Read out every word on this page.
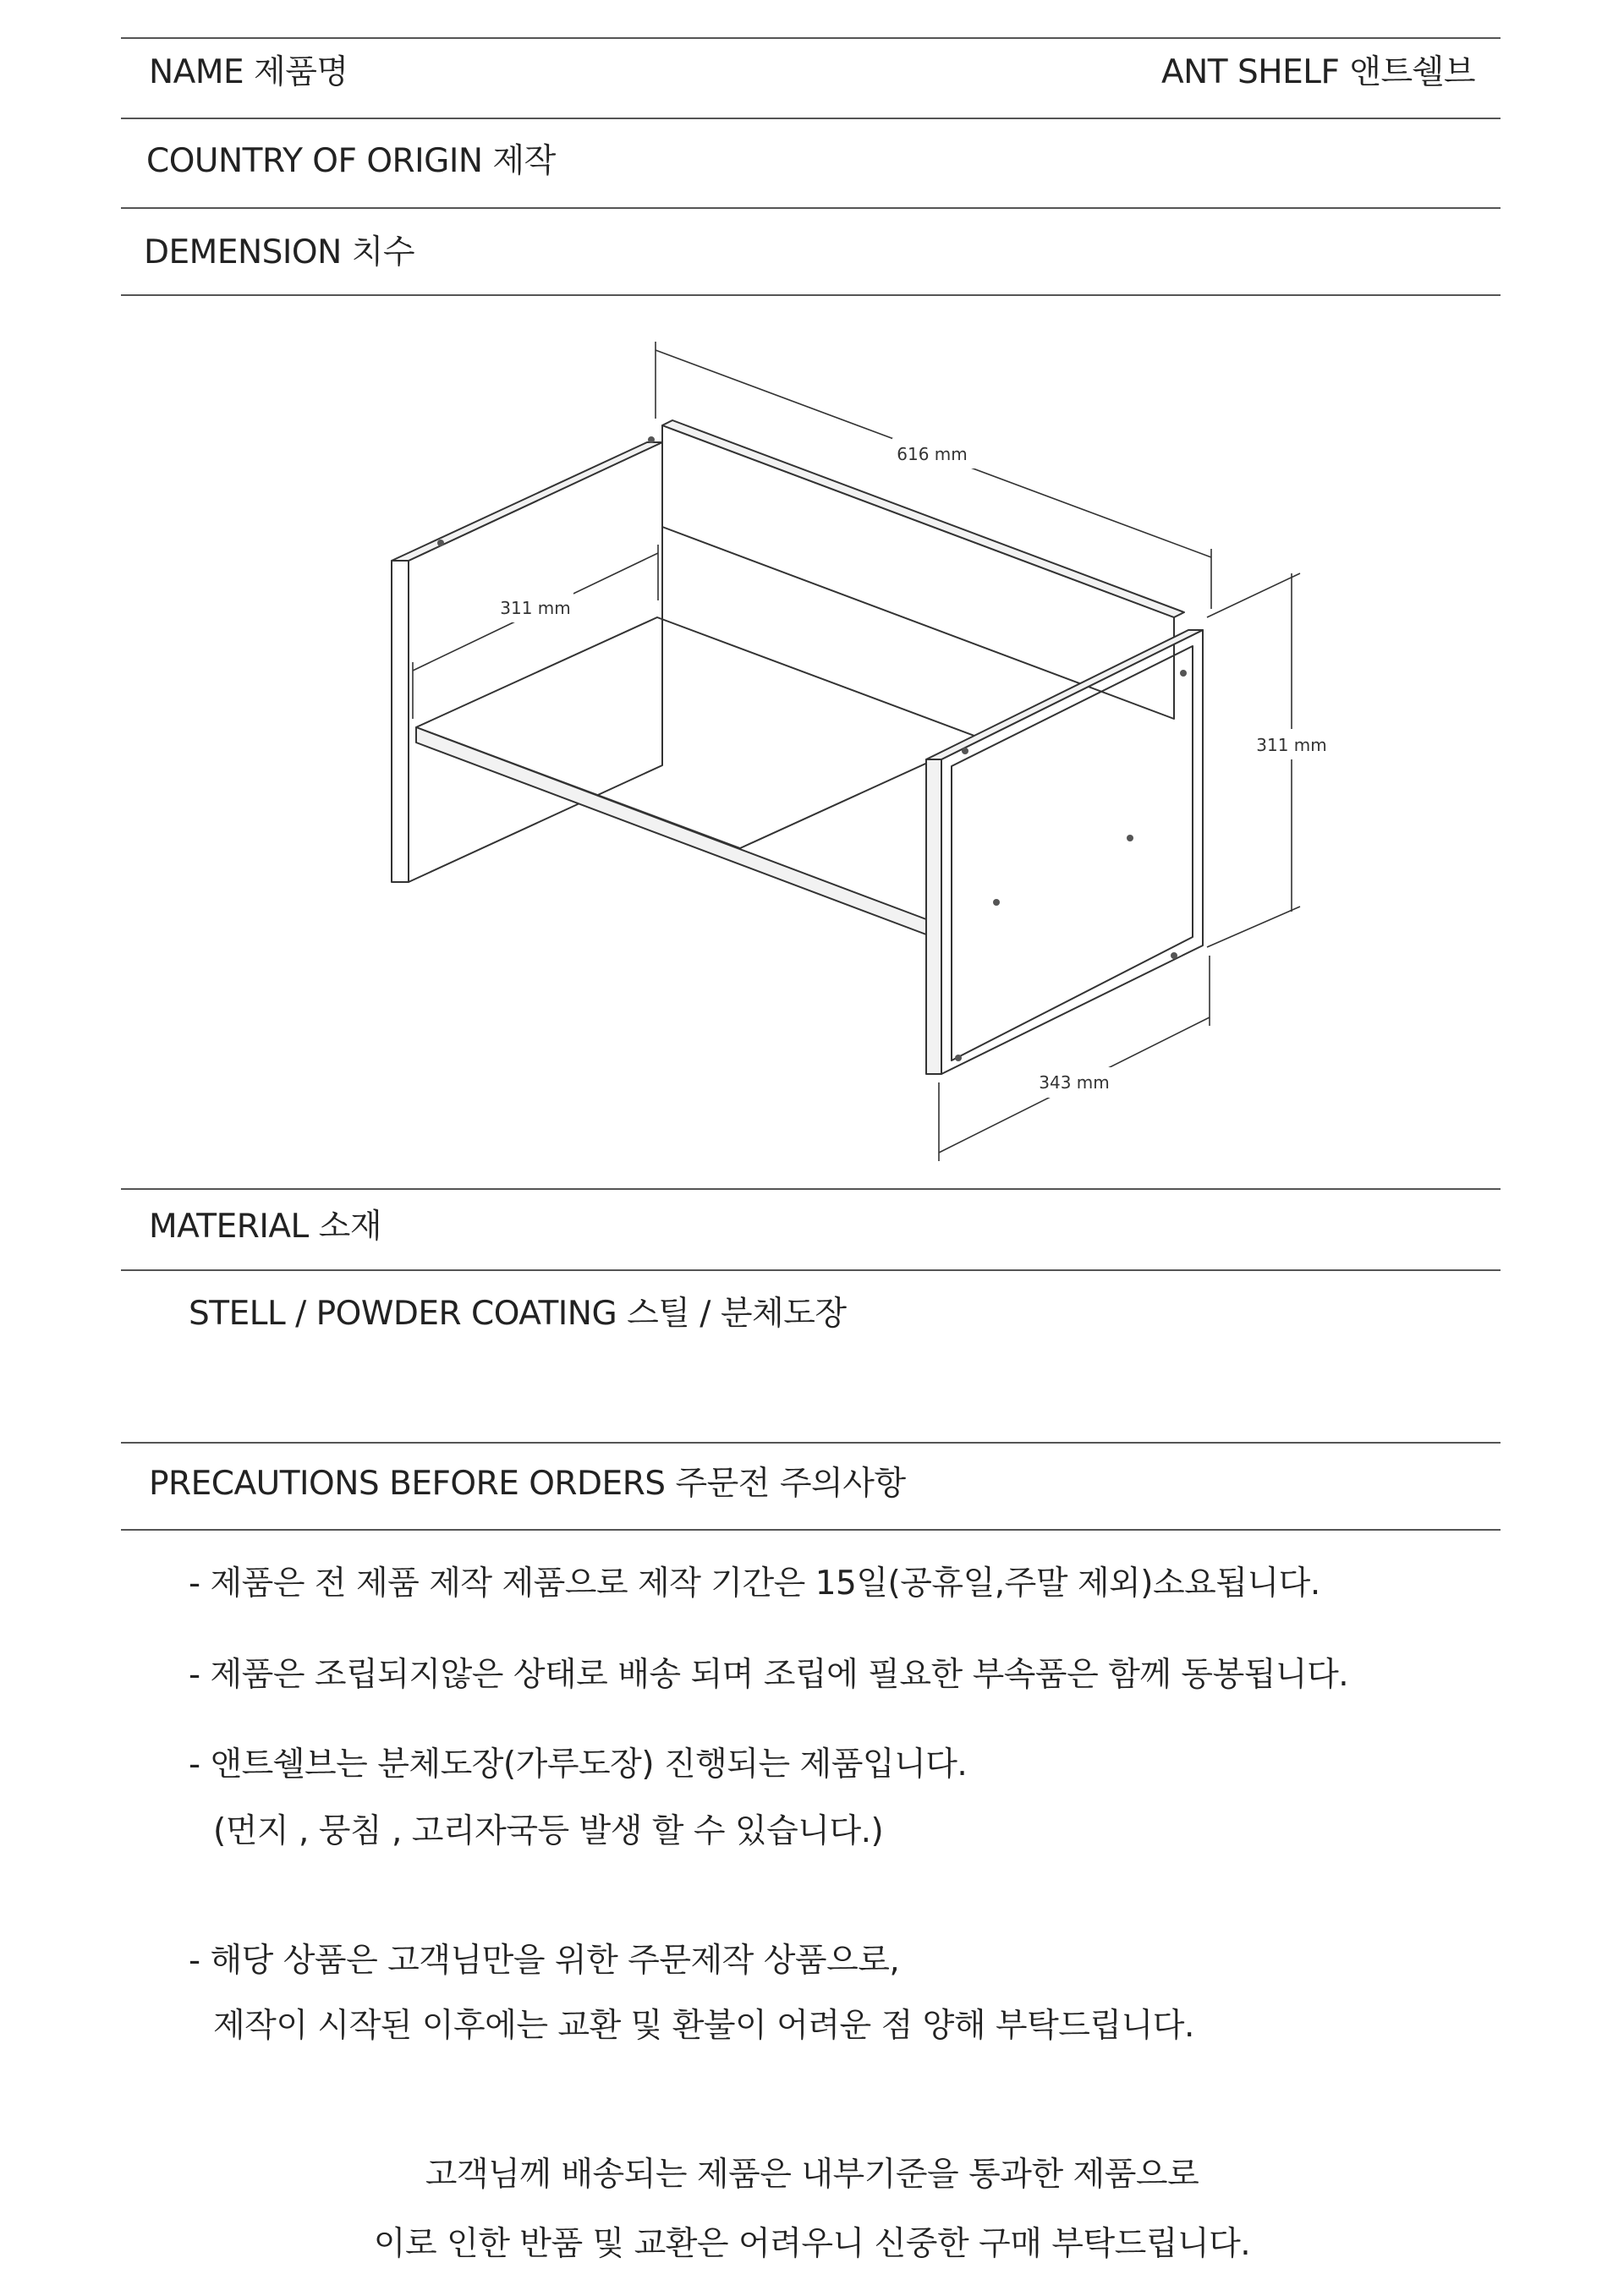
NAME 제품명	ANT SHELF 앤트쉘브
COUNTRY OF ORIGIN 제작
DEMENSION 치수
616 mm
311 mm
311 mm
343 mm
MATERIAL 소재
STELL / POWDER COATING 스틸 / 분체도장
PRECAUTIONS BEFORE ORDERS 주문전 주의사항
- 제품은 전 제품 제작 제품으로 제작 기간은 15일(공휴일,주말 제외)소요됩니다.
- 제품은 조립되지않은 상태로 배송 되며 조립에 필요한 부속품은 함께 동봉됩니다.
- 앤트쉘브는 분체도장(가루도장) 진행되는 제품입니다.
(먼지 , 뭉침 , 고리자국등 발생 할 수 있습니다.)
- 해당 상품은 고객님만을 위한 주문제작 상품으로,
제작이 시작된 이후에는 교환 및 환불이 어려운 점 양해 부탁드립니다.
고객님께 배송되는 제품은 내부기준을 통과한 제품으로
이로 인한 반품 및 교환은 어려우니 신중한 구매 부탁드립니다.
